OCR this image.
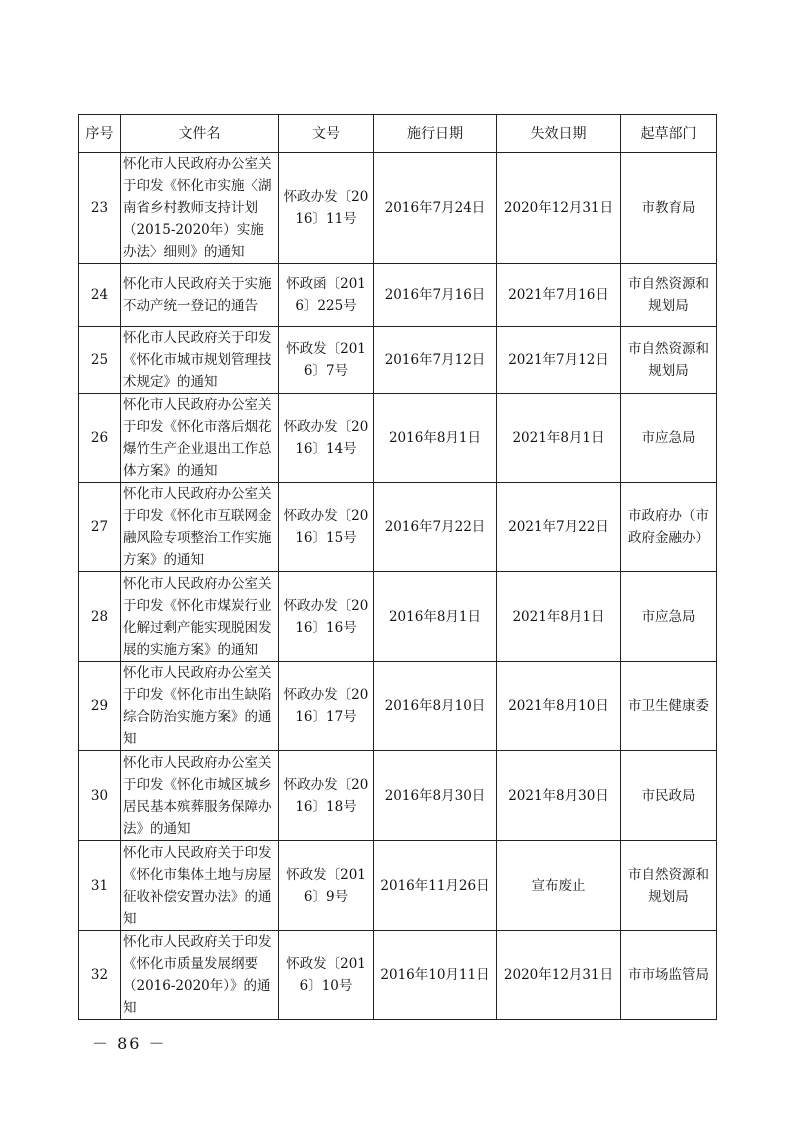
序号	文件名	文号	施行日期	失效日期	起草部门
23	怀化市人民政府办公室关于印发《怀化市实施〈湖南省乡村教师支持计划（2015-2020年）实施办法〉细则》的通知	怀政办发〔2016〕11号	2016年7月24日	2020年12月31日	市教育局
24	怀化市人民政府关于实施不动产统一登记的通告	怀政函〔2016〕225号	2016年7月16日	2021年7月16日	市自然资源和规划局
25	怀化市人民政府关于印发《怀化市城市规划管理技术规定》的通知	怀政发〔2016〕7号	2016年7月12日	2021年7月12日	市自然资源和规划局
26	怀化市人民政府办公室关于印发《怀化市落后烟花爆竹生产企业退出工作总体方案》的通知	怀政办发〔2016〕14号	2016年8月1日	2021年8月1日	市应急局
27	怀化市人民政府办公室关于印发《怀化市互联网金融风险专项整治工作实施方案》的通知	怀政办发〔2016〕15号	2016年7月22日	2021年7月22日	市政府办（市政府金融办）
28	怀化市人民政府办公室关于印发《怀化市煤炭行业化解过剩产能实现脱困发展的实施方案》的通知	怀政办发〔2016〕16号	2016年8月1日	2021年8月1日	市应急局
29	怀化市人民政府办公室关于印发《怀化市出生缺陷综合防治实施方案》的通知	怀政办发〔2016〕17号	2016年8月10日	2021年8月10日	市卫生健康委
30	怀化市人民政府办公室关于印发《怀化市城区城乡居民基本殡葬服务保障办法》的通知	怀政办发〔2016〕18号	2016年8月30日	2021年8月30日	市民政局
31	怀化市人民政府关于印发《怀化市集体土地与房屋征收补偿安置办法》的通知	怀政发〔2016〕9号	2016年11月26日	宣布废止	市自然资源和规划局
32	怀化市人民政府关于印发《怀化市质量发展纲要（2016-2020年）》的通知	怀政发〔2016〕10号	2016年10月11日	2020年12月31日	市市场监管局
－ 86 －
